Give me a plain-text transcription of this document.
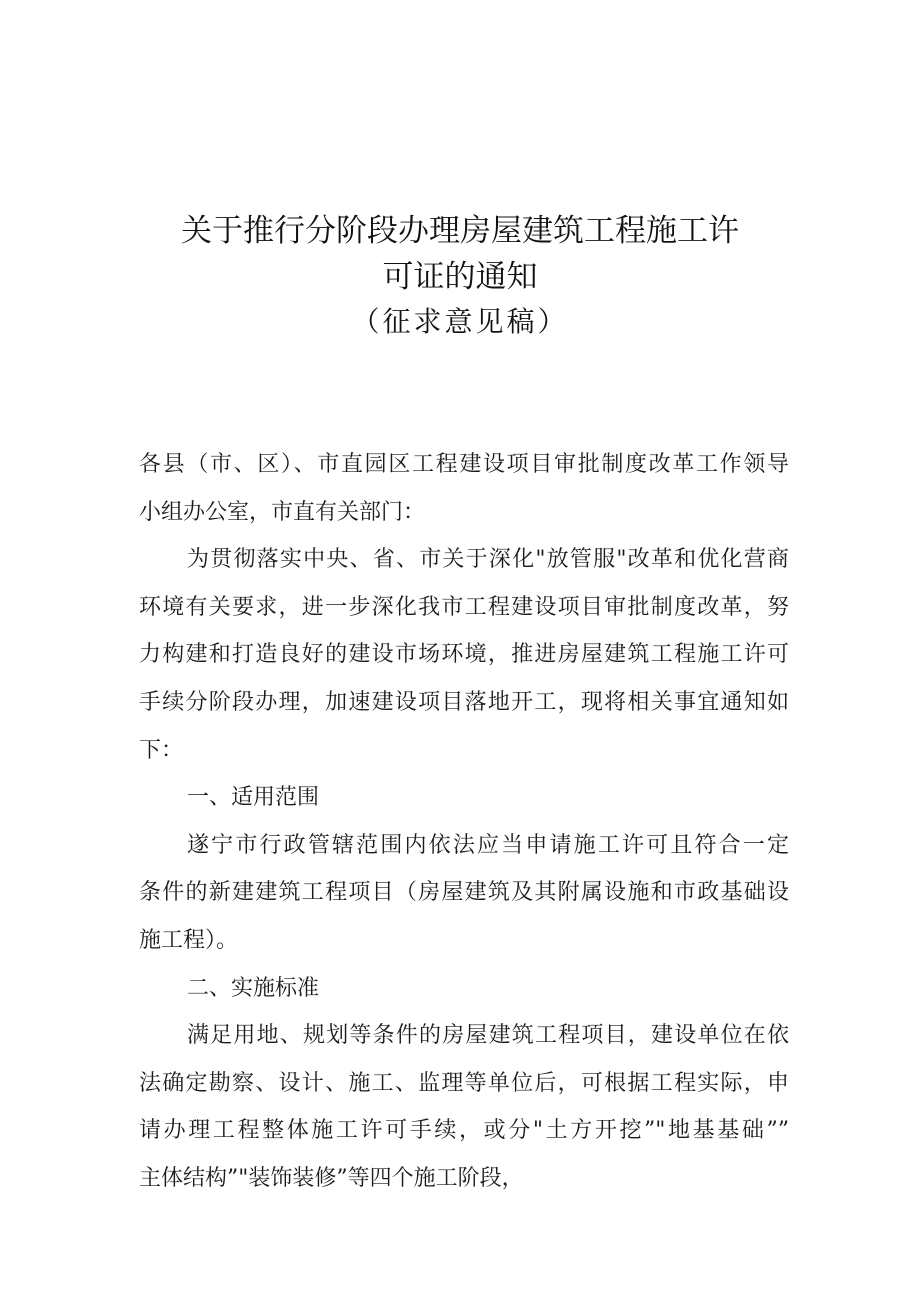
关于推行分阶段办理房屋建筑工程施工许
可证的通知
（征求意见稿）
各县（市、区）、市直园区工程建设项目审批制度改革工作领导
小组办公室，市直有关部门：
为贯彻落实中央、省、市关于深化"放管服"改革和优化营商
环境有关要求，进一步深化我市工程建设项目审批制度改革，努
力构建和打造良好的建设市场环境，推进房屋建筑工程施工许可
手续分阶段办理，加速建设项目落地开工，现将相关事宜通知如
下：
一、适用范围
遂宁市行政管辖范围内依法应当申请施工许可且符合一定
条件的新建建筑工程项目（房屋建筑及其附属设施和市政基础设
施工程）。
二、实施标准
满足用地、规划等条件的房屋建筑工程项目，建设单位在依
法确定勘察、设计、施工、监理等单位后，可根据工程实际，申
请办理工程整体施工许可手续，或分"土方开挖”"地基基础””
主体结构”"装饰装修”等四个施工阶段，
